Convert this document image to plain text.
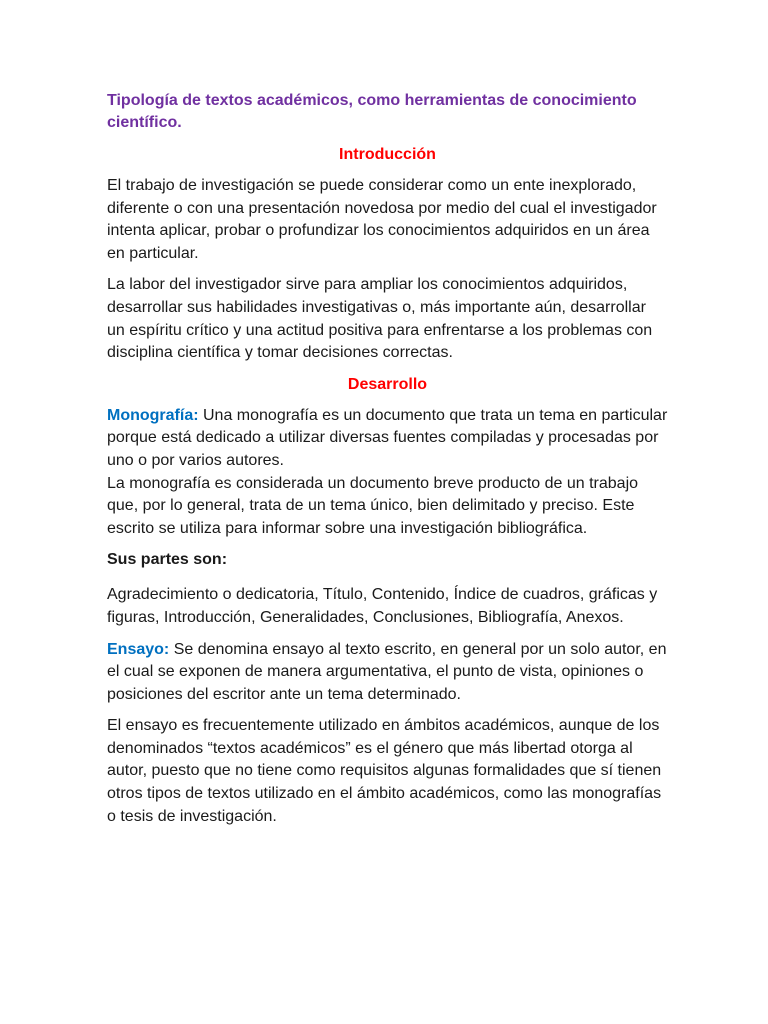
Tipología de textos académicos, como herramientas de conocimiento científico.
Introducción

El trabajo de investigación se puede considerar como un ente inexplorado, diferente o con una presentación novedosa por medio del cual el investigador intenta aplicar, probar o profundizar los conocimientos adquiridos en un área en particular.

La labor del investigador sirve para ampliar los conocimientos adquiridos, desarrollar sus habilidades investigativas o, más importante aún, desarrollar un espíritu crítico y una actitud positiva para enfrentarse a los problemas con disciplina científica y tomar decisiones correctas.

Desarrollo

Monografía: Una monografía es un documento que trata un tema en particular porque está dedicado a utilizar diversas fuentes compiladas y procesadas por uno o por varios autores.

La monografía es considerada un documento breve producto de un trabajo que, por lo general, trata de un tema único, bien delimitado y preciso. Este escrito se utiliza para informar sobre una investigación bibliográfica.

Sus partes son:

Agradecimiento o dedicatoria, Título, Contenido, Índice de cuadros, gráficas y figuras, Introducción, Generalidades, Conclusiones, Bibliografía, Anexos.

Ensayo: Se denomina ensayo al texto escrito, en general por un solo autor, en el cual se exponen de manera argumentativa, el punto de vista, opiniones o posiciones del escritor ante un tema determinado.

El ensayo es frecuentemente utilizado en ámbitos académicos, aunque de los denominados “textos académicos” es el género que más libertad otorga al autor, puesto que no tiene como requisitos algunas formalidades que sí tienen otros tipos de textos utilizado en el ámbito académicos, como las monografías o tesis de investigación.
